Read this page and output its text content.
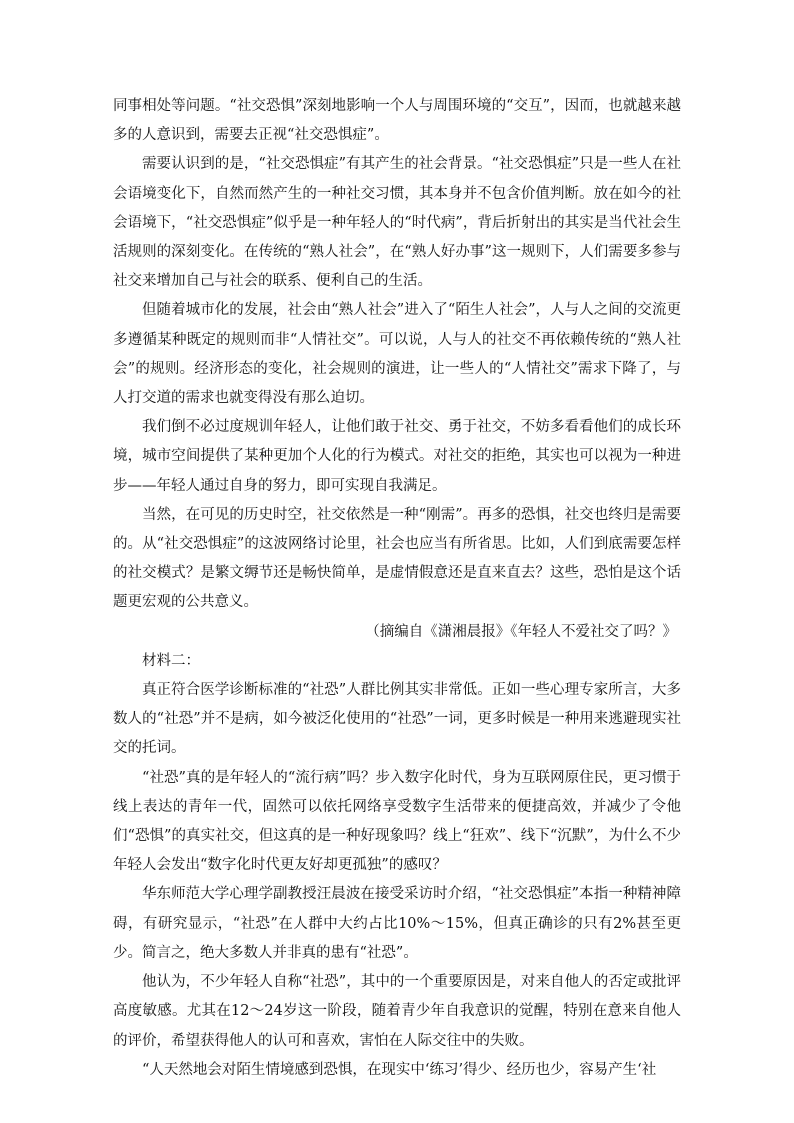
同事相处等问题。“社交恐惧”深刻地影响一个人与周围环境的“交互”，因而，也就越来越多的人意识到，需要去正视“社交恐惧症”。

需要认识到的是，“社交恐惧症”有其产生的社会背景。“社交恐惧症”只是一些人在社会语境变化下，自然而然产生的一种社交习惯，其本身并不包含价值判断。放在如今的社会语境下，“社交恐惧症”似乎是一种年轻人的“时代病”，背后折射出的其实是当代社会生活规则的深刻变化。在传统的“熟人社会”，在“熟人好办事”这一规则下，人们需要多参与社交来增加自己与社会的联系、便利自己的生活。

但随着城市化的发展，社会由“熟人社会”进入了“陌生人社会”，人与人之间的交流更多遵循某种既定的规则而非“人情社交”。可以说，人与人的社交不再依赖传统的“熟人社会”的规则。经济形态的变化，社会规则的演进，让一些人的“人情社交”需求下降了，与人打交道的需求也就变得没有那么迫切。

我们倒不必过度规训年轻人，让他们敢于社交、勇于社交，不妨多看看他们的成长环境，城市空间提供了某种更加个人化的行为模式。对社交的拒绝，其实也可以视为一种进步——年轻人通过自身的努力，即可实现自我满足。

当然，在可见的历史时空，社交依然是一种“刚需”。再多的恐惧，社交也终归是需要的。从“社交恐惧症”的这波网络讨论里，社会也应当有所省思。比如，人们到底需要怎样的社交模式？是繁文缛节还是畅快简单，是虚情假意还是直来直去？这些，恐怕是这个话题更宏观的公共意义。

（摘编自《潇湘晨报》《年轻人不爱社交了吗？》

材料二：

真正符合医学诊断标准的“社恐”人群比例其实非常低。正如一些心理专家所言，大多数人的“社恐”并不是病，如今被泛化使用的“社恐”一词，更多时候是一种用来逃避现实社交的托词。

“社恐”真的是年轻人的“流行病”吗？步入数字化时代，身为互联网原住民，更习惯于线上表达的青年一代，固然可以依托网络享受数字生活带来的便捷高效，并减少了令他们“恐惧”的真实社交，但这真的是一种好现象吗？线上“狂欢”、线下“沉默”，为什么不少年轻人会发出“数字化时代更友好却更孤独”的感叹？

华东师范大学心理学副教授汪晨波在接受采访时介绍，“社交恐惧症”本指一种精神障碍，有研究显示，“社恐”在人群中大约占比10%～15%，但真正确诊的只有2%甚至更少。简言之，绝大多数人并非真的患有“社恐”。

他认为，不少年轻人自称“社恐”，其中的一个重要原因是，对来自他人的否定或批评高度敏感。尤其在12～24岁这一阶段，随着青少年自我意识的觉醒，特别在意来自他人的评价，希望获得他人的认可和喜欢，害怕在人际交往中的失败。

“人天然地会对陌生情境感到恐惧，在现实中‘练习’得少、经历也少，容易产生‘社
